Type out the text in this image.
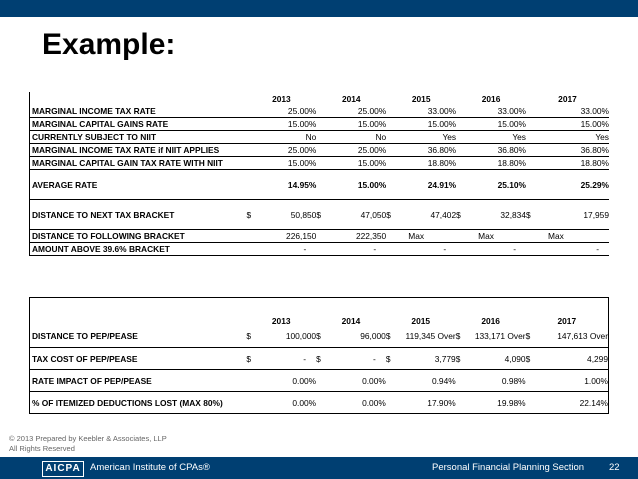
Example:
	2013		2014		2015		2016		2017	
MARGINAL INCOME TAX RATE		25.00%		25.00%		33.00%		33.00%		33.00%
MARGINAL CAPITAL GAINS RATE		15.00%		15.00%		15.00%		15.00%		15.00%
CURRENTLY SUBJECT TO NIIT		No		No		Yes		Yes		Yes
MARGINAL INCOME TAX RATE if NIIT APPLIES		25.00%		25.00%		36.80%		36.80%		36.80%
MARGINAL CAPITAL GAIN TAX RATE WITH NIIT		15.00%		15.00%		18.80%		18.80%		18.80%
AVERAGE RATE		14.95%		15.00%		24.91%		25.10%		25.29%
DISTANCE TO NEXT TAX BRACKET	$	50,850	$	47,050	$	47,402	$	32,834	$	17,959
DISTANCE TO FOLLOWING BRACKET		226,150		222,350	Max		Max		Max	
AMOUNT ABOVE 39.6% BRACKET		-		-		-		-		-
	2013		2014		2015		2016		2017	
DISTANCE TO PEP/PEASE	$	100,000	$	96,000	$	119,345 Over	$	133,171 Over	$	147,613 Over
TAX COST OF PEP/PEASE	$	-	$	-	$	3,779	$	4,090	$	4,299
RATE IMPACT OF PEP/PEASE		0.00%		0.00%		0.94%		0.98%		1.00%
% OF ITEMIZED DEDUCTIONS LOST (MAX 80%)		0.00%		0.00%		17.90%		19.98%		22.14%
© 2013 Prepared by Keebler & Associates, LLP
All Rights Reserved
AICPA American Institute of CPAs®	Personal Financial Planning Section	22
